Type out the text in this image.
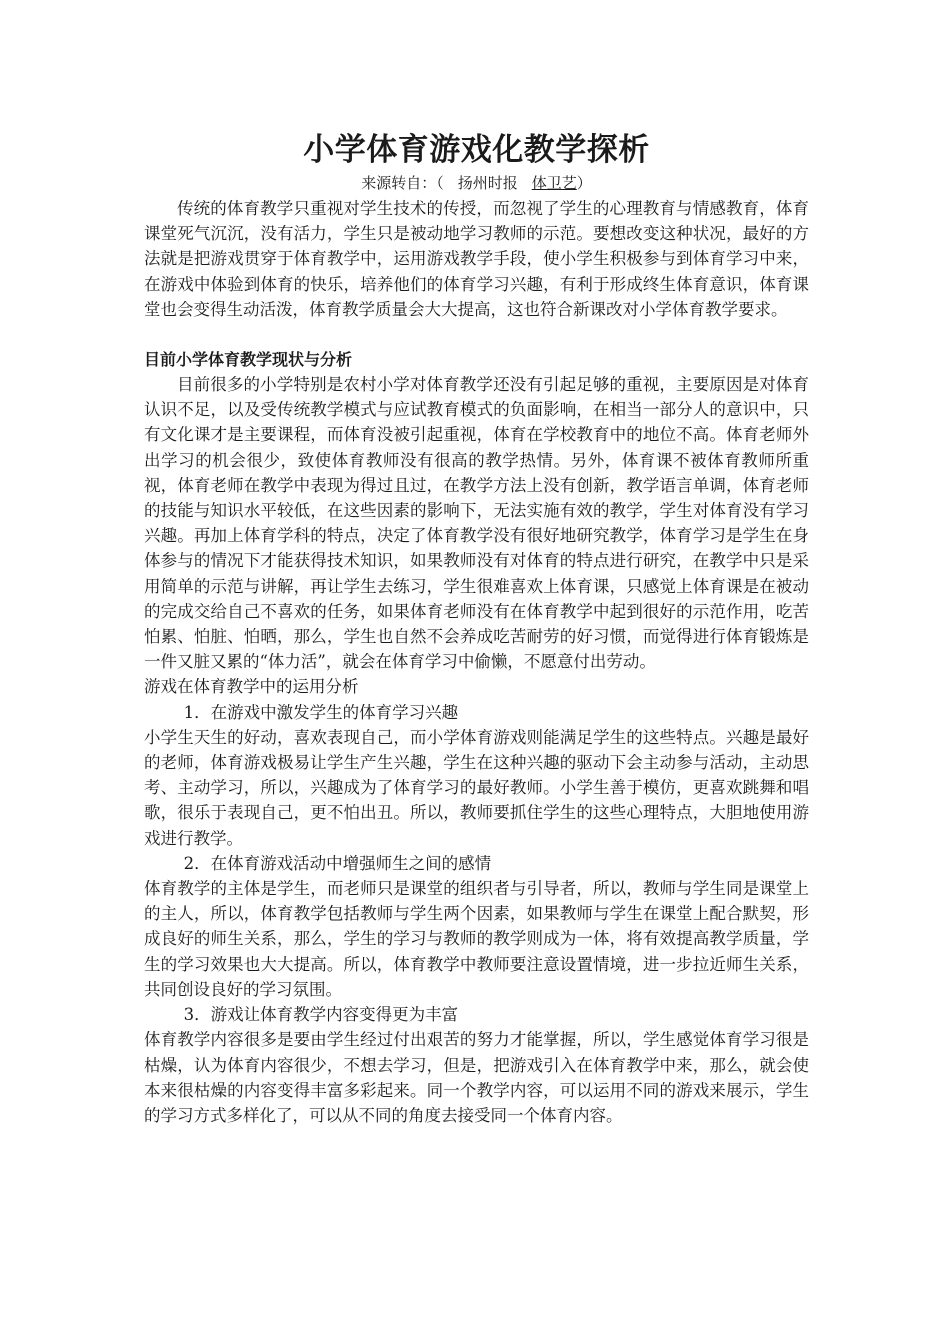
小学体育游戏化教学探析
来源转自：（ 扬州时报 体卫艺）

传统的体育教学只重视对学生技术的传授，而忽视了学生的心理教育与情感教育，体育课堂死气沉沉，没有活力，学生只是被动地学习教师的示范。要想改变这种状况，最好的方法就是把游戏贯穿于体育教学中，运用游戏教学手段，使小学生积极参与到体育学习中来，在游戏中体验到体育的快乐，培养他们的体育学习兴趣，有利于形成终生体育意识，体育课堂也会变得生动活泼，体育教学质量会大大提高，这也符合新课改对小学体育教学要求。

目前小学体育教学现状与分析

目前很多的小学特别是农村小学对体育教学还没有引起足够的重视，主要原因是对体育认识不足，以及受传统教学模式与应试教育模式的负面影响，在相当一部分人的意识中，只有文化课才是主要课程，而体育没被引起重视，体育在学校教育中的地位不高。体育老师外出学习的机会很少，致使体育教师没有很高的教学热情。另外，体育课不被体育教师所重视，体育老师在教学中表现为得过且过，在教学方法上没有创新，教学语言单调，体育老师的技能与知识水平较低，在这些因素的影响下，无法实施有效的教学，学生对体育没有学习兴趣。再加上体育学科的特点，决定了体育教学没有很好地研究教学，体育学习是学生在身体参与的情况下才能获得技术知识，如果教师没有对体育的特点进行研究，在教学中只是采用简单的示范与讲解，再让学生去练习，学生很难喜欢上体育课，只感觉上体育课是在被动的完成交给自己不喜欢的任务，如果体育老师没有在体育教学中起到很好的示范作用，吃苦怕累、怕脏、怕晒，那么，学生也自然不会养成吃苦耐劳的好习惯，而觉得进行体育锻炼是一件又脏又累的“体力活”，就会在体育学习中偷懒，不愿意付出劳动。

游戏在体育教学中的运用分析
1．在游戏中激发学生的体育学习兴趣

小学生天生的好动，喜欢表现自己，而小学体育游戏则能满足学生的这些特点。兴趣是最好的老师，体育游戏极易让学生产生兴趣，学生在这种兴趣的驱动下会主动参与活动，主动思考、主动学习，所以，兴趣成为了体育学习的最好教师。小学生善于模仿，更喜欢跳舞和唱歌，很乐于表现自己，更不怕出丑。所以，教师要抓住学生的这些心理特点，大胆地使用游戏进行教学。

2．在体育游戏活动中增强师生之间的感情

体育教学的主体是学生，而老师只是课堂的组织者与引导者，所以，教师与学生同是课堂上的主人，所以，体育教学包括教师与学生两个因素，如果教师与学生在课堂上配合默契，形成良好的师生关系，那么，学生的学习与教师的教学则成为一体，将有效提高教学质量，学生的学习效果也大大提高。所以，体育教学中教师要注意设置情境，进一步拉近师生关系，共同创设良好的学习氛围。

3．游戏让体育教学内容变得更为丰富

体育教学内容很多是要由学生经过付出艰苦的努力才能掌握，所以，学生感觉体育学习很是枯燥，认为体育内容很少，不想去学习，但是，把游戏引入在体育教学中来，那么，就会使本来很枯燥的内容变得丰富多彩起来。同一个教学内容，可以运用不同的游戏来展示，学生的学习方式多样化了，可以从不同的角度去接受同一个体育内容。
